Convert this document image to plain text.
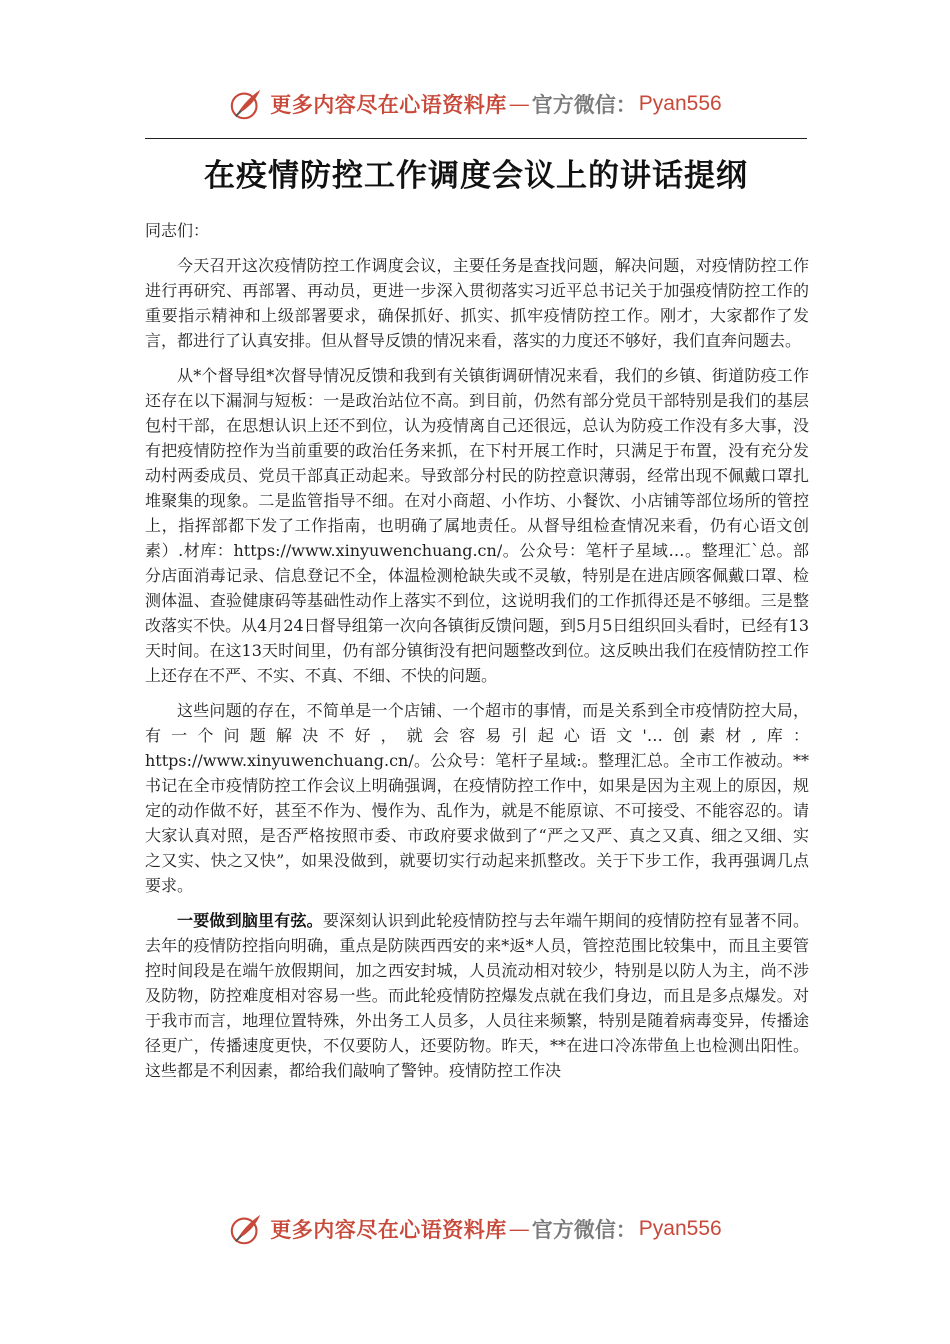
更多内容尽在心语资料库 — 官方微信： Pyan556
在疫情防控工作调度会议上的讲话提纲

同志们：

今天召开这次疫情防控工作调度会议，主要任务是查找问题，解决问题，对疫情防控工作进行再研究、再部署、再动员，更进一步深入贯彻落实习近平总书记关于加强疫情防控工作的重要指示精神和上级部署要求，确保抓好、抓实、抓牢疫情防控工作。刚才，大家都作了发言，都进行了认真安排。但从督导反馈的情况来看，落实的力度还不够好，我们直奔问题去。

从*个督导组*次督导情况反馈和我到有关镇街调研情况来看，我们的乡镇、街道防疫工作还存在以下漏洞与短板：一是政治站位不高。到目前，仍然有部分党员干部特别是我们的基层包村干部，在思想认识上还不到位，认为疫情离自己还很远，总认为防疫工作没有多大事，没有把疫情防控作为当前重要的政治任务来抓，在下村开展工作时，只满足于布置，没有充分发动村两委成员、党员干部真正动起来。导致部分村民的防控意识薄弱，经常出现不佩戴口罩扎堆聚集的现象。二是监管指导不细。在对小商超、小作坊、小餐饮、小店铺等部位场所的管控上，指挥部都下发了工作指南，也明确了属地责任。从督导组检查情况来看，仍有心语文创素）.材库：https://www.xinyuwenchuang.cn/。公众号：笔杆子星域…。整理汇`总。部分店面消毒记录、信息登记不全，体温检测枪缺失或不灵敏，特别是在进店顾客佩戴口罩、检测体温、查验健康码等基础性动作上落实不到位，这说明我们的工作抓得还是不够细。三是整改落实不快。从4月24日督导组第一次向各镇街反馈问题，到5月5日组织回头看时，已经有13天时间。在这13天时间里，仍有部分镇街没有把问题整改到位。这反映出我们在疫情防控工作上还存在不严、不实、不真、不细、不快的问题。

这些问题的存在，不简单是一个店铺、一个超市的事情，而是关系到全市疫情防控大局，有一个问题解决不好，就会容易引起心语文'…创素材,库：https://www.xinyuwenchuang.cn/。公众号：笔杆子星域:。整理汇总。全市工作被动。**书记在全市疫情防控工作会议上明确强调，在疫情防控工作中，如果是因为主观上的原因，规定的动作做不好，甚至不作为、慢作为、乱作为，就是不能原谅、不可接受、不能容忍的。请大家认真对照，是否严格按照市委、市政府要求做到了“严之又严、真之又真、细之又细、实之又实、快之又快”，如果没做到，就要切实行动起来抓整改。关于下步工作，我再强调几点要求。

一要做到脑里有弦。要深刻认识到此轮疫情防控与去年端午期间的疫情防控有显著不同。去年的疫情防控指向明确，重点是防陕西西安的来*返*人员，管控范围比较集中，而且主要管控时间段是在端午放假期间，加之西安封城，人员流动相对较少，特别是以防人为主，尚不涉及防物，防控难度相对容易一些。而此轮疫情防控爆发点就在我们身边，而且是多点爆发。对于我市而言，地理位置特殊，外出务工人员多，人员往来频繁，特别是随着病毒变异，传播途径更广，传播速度更快，不仅要防人，还要防物。昨天，**在进口冷冻带鱼上也检测出阳性。这些都是不利因素，都给我们敲响了警钟。疫情防控工作决

更多内容尽在心语资料库 — 官方微信： Pyan556
